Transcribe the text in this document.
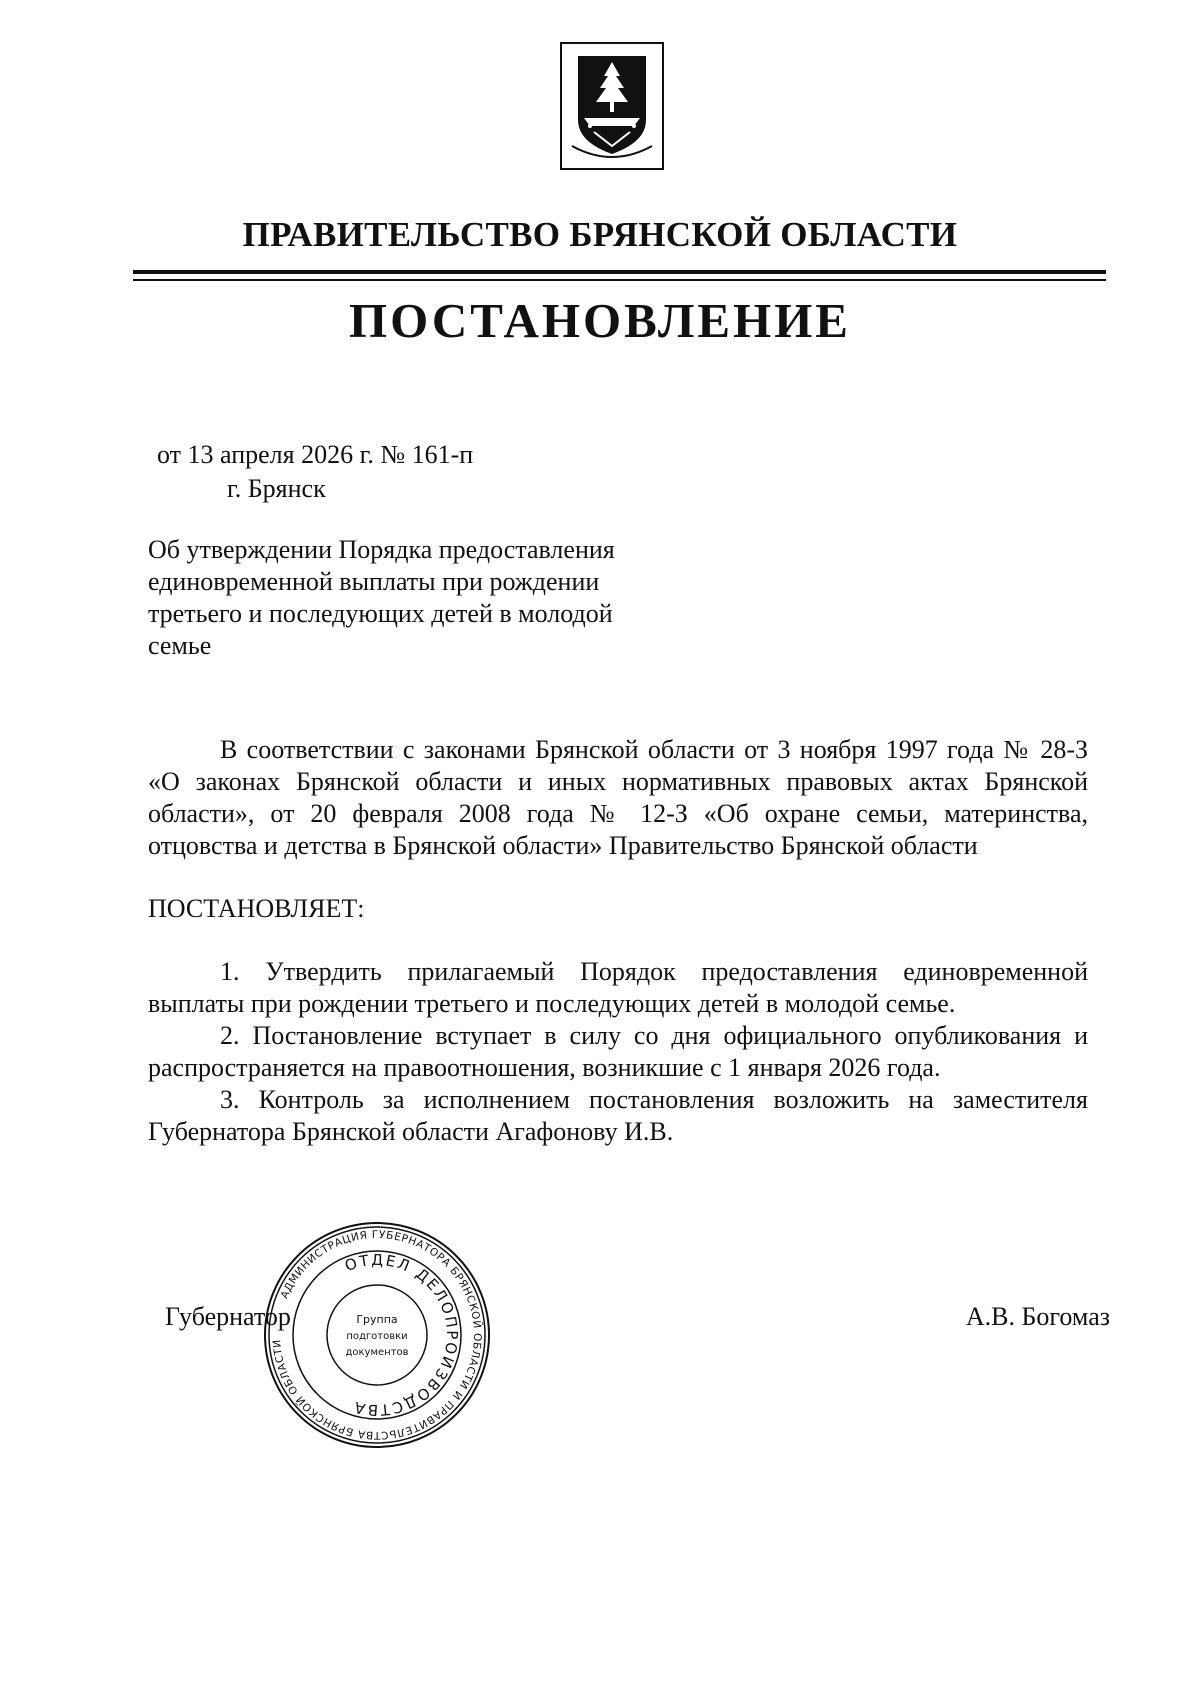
ПРАВИТЕЛЬСТВО БРЯНСКОЙ ОБЛАСТИ
ПОСТАНОВЛЕНИЕ
от 13 апреля 2026 г. № 161-п
г. Брянск
Об утверждении Порядка предоставления
единовременной выплаты при рождении
третьего и последующих детей в молодой
семье
В соответствии с законами Брянской области от 3 ноября 1997 года № 28-З «О законах Брянской области и иных нормативных правовых актах Брянской области», от 20 февраля 2008 года № 12-З «Об охране семьи, материнства, отцовства и детства в Брянской области» Правительство Брянской области
ПОСТАНОВЛЯЕТ:

1. Утвердить прилагаемый Порядок предоставления единовременной выплаты при рождении третьего и последующих детей в молодой семье.

2. Постановление вступает в силу со дня официального опубликования и распространяется на правоотношения, возникшие с 1 января 2026 года.

3. Контроль за исполнением постановления возложить на заместителя Губернатора Брянской области Агафонову И.В.

Губернатор	А.В. Богомаз
АДМИНИСТРАЦИЯ ГУБЕРНАТОРА БРЯНСКОЙ ОБЛАСТИ И ПРАВИТЕЛЬСТВА БРЯНСКОЙ ОБЛАСТИ
ОТДЕЛ ДЕЛОПРОИЗВОДСТВА
Группа
подготовки
документов
